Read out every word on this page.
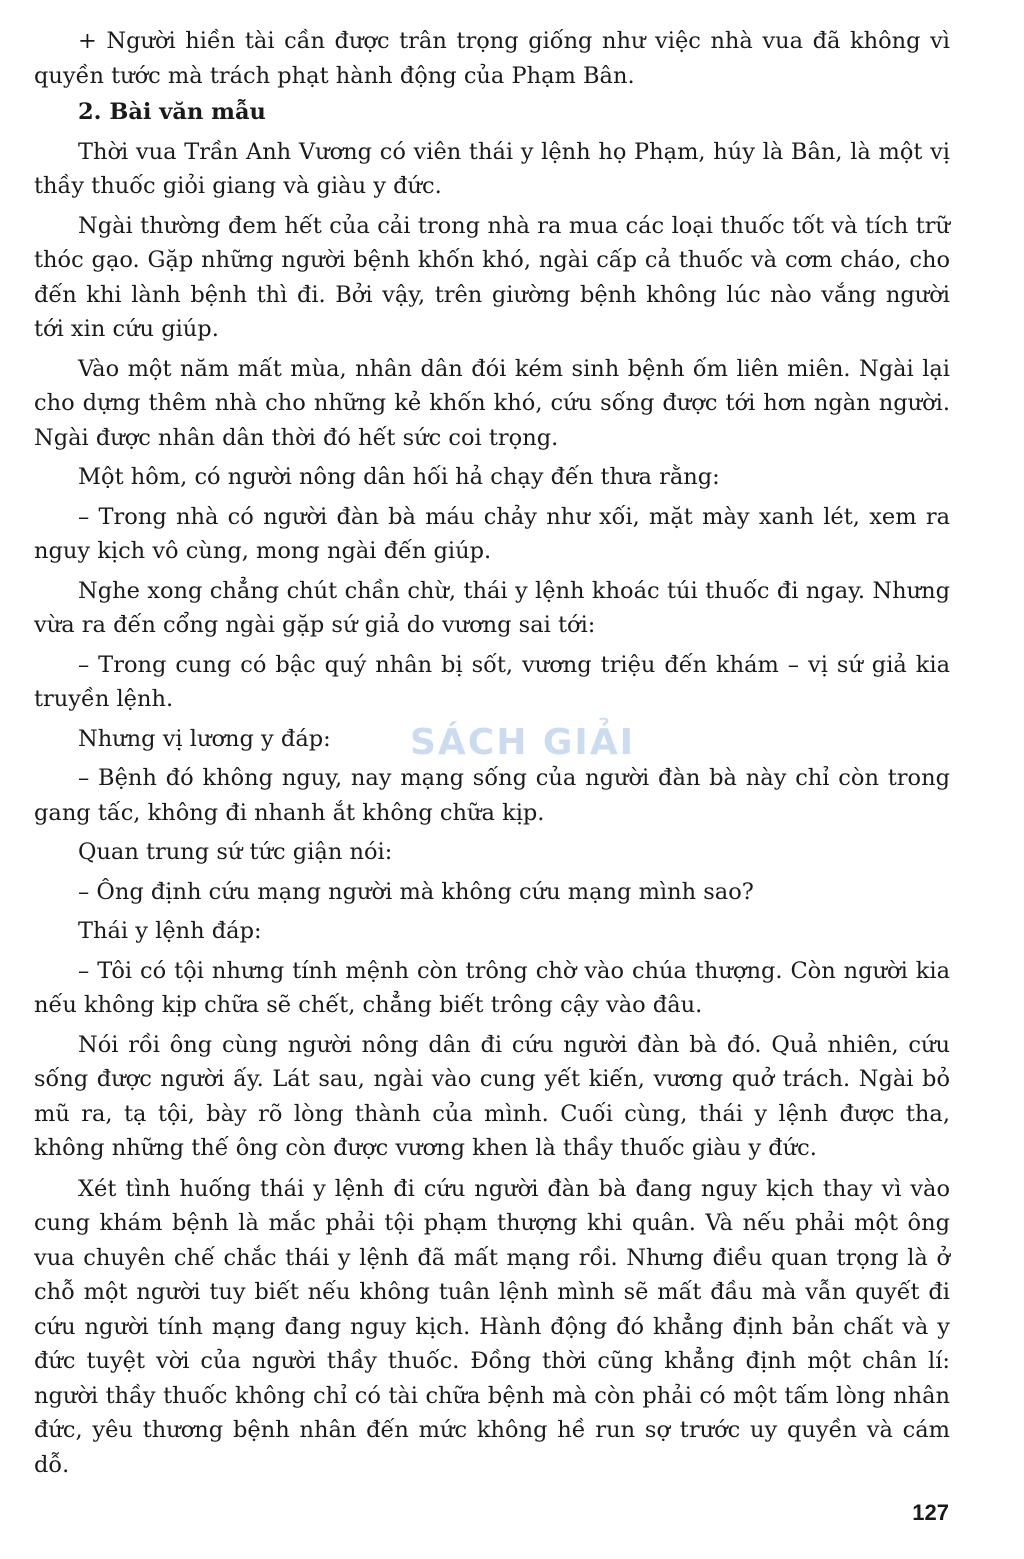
+ Người hiền tài cần được trân trọng giống như việc nhà vua đã không vì quyền tước mà trách phạt hành động của Phạm Bân.

2. Bài văn mẫu

Thời vua Trần Anh Vương có viên thái y lệnh họ Phạm, húy là Bân, là một vị thầy thuốc giỏi giang và giàu y đức.

Ngài thường đem hết của cải trong nhà ra mua các loại thuốc tốt và tích trữ thóc gạo. Gặp những người bệnh khốn khó, ngài cấp cả thuốc và cơm cháo, cho đến khi lành bệnh thì đi. Bởi vậy, trên giường bệnh không lúc nào vắng người tới xin cứu giúp.

Vào một năm mất mùa, nhân dân đói kém sinh bệnh ốm liên miên. Ngài lại cho dựng thêm nhà cho những kẻ khốn khó, cứu sống được tới hơn ngàn người. Ngài được nhân dân thời đó hết sức coi trọng.

Một hôm, có người nông dân hối hả chạy đến thưa rằng:

– Trong nhà có người đàn bà máu chảy như xối, mặt mày xanh lét, xem ra nguy kịch vô cùng, mong ngài đến giúp.

Nghe xong chẳng chút chần chừ, thái y lệnh khoác túi thuốc đi ngay. Nhưng vừa ra đến cổng ngài gặp sứ giả do vương sai tới:

– Trong cung có bậc quý nhân bị sốt, vương triệu đến khám – vị sứ giả kia truyền lệnh.

Nhưng vị lương y đáp:

– Bệnh đó không nguy, nay mạng sống của người đàn bà này chỉ còn trong gang tấc, không đi nhanh ắt không chữa kịp.

Quan trung sứ tức giận nói:

– Ông định cứu mạng người mà không cứu mạng mình sao?

Thái y lệnh đáp:

– Tôi có tội nhưng tính mệnh còn trông chờ vào chúa thượng. Còn người kia nếu không kịp chữa sẽ chết, chẳng biết trông cậy vào đâu.

Nói rồi ông cùng người nông dân đi cứu người đàn bà đó. Quả nhiên, cứu sống được người ấy. Lát sau, ngài vào cung yết kiến, vương quở trách. Ngài bỏ mũ ra, tạ tội, bày rõ lòng thành của mình. Cuối cùng, thái y lệnh được tha, không những thế ông còn được vương khen là thầy thuốc giàu y đức.

Xét tình huống thái y lệnh đi cứu người đàn bà đang nguy kịch thay vì vào cung khám bệnh là mắc phải tội phạm thượng khi quân. Và nếu phải một ông vua chuyên chế chắc thái y lệnh đã mất mạng rồi. Nhưng điều quan trọng là ở chỗ một người tuy biết nếu không tuân lệnh mình sẽ mất đầu mà vẫn quyết đi cứu người tính mạng đang nguy kịch. Hành động đó khẳng định bản chất và y đức tuyệt vời của người thầy thuốc. Đồng thời cũng khẳng định một chân lí: người thầy thuốc không chỉ có tài chữa bệnh mà còn phải có một tấm lòng nhân đức, yêu thương bệnh nhân đến mức không hề run sợ trước uy quyền và cám dỗ.

SÁCH GIẢI
127
